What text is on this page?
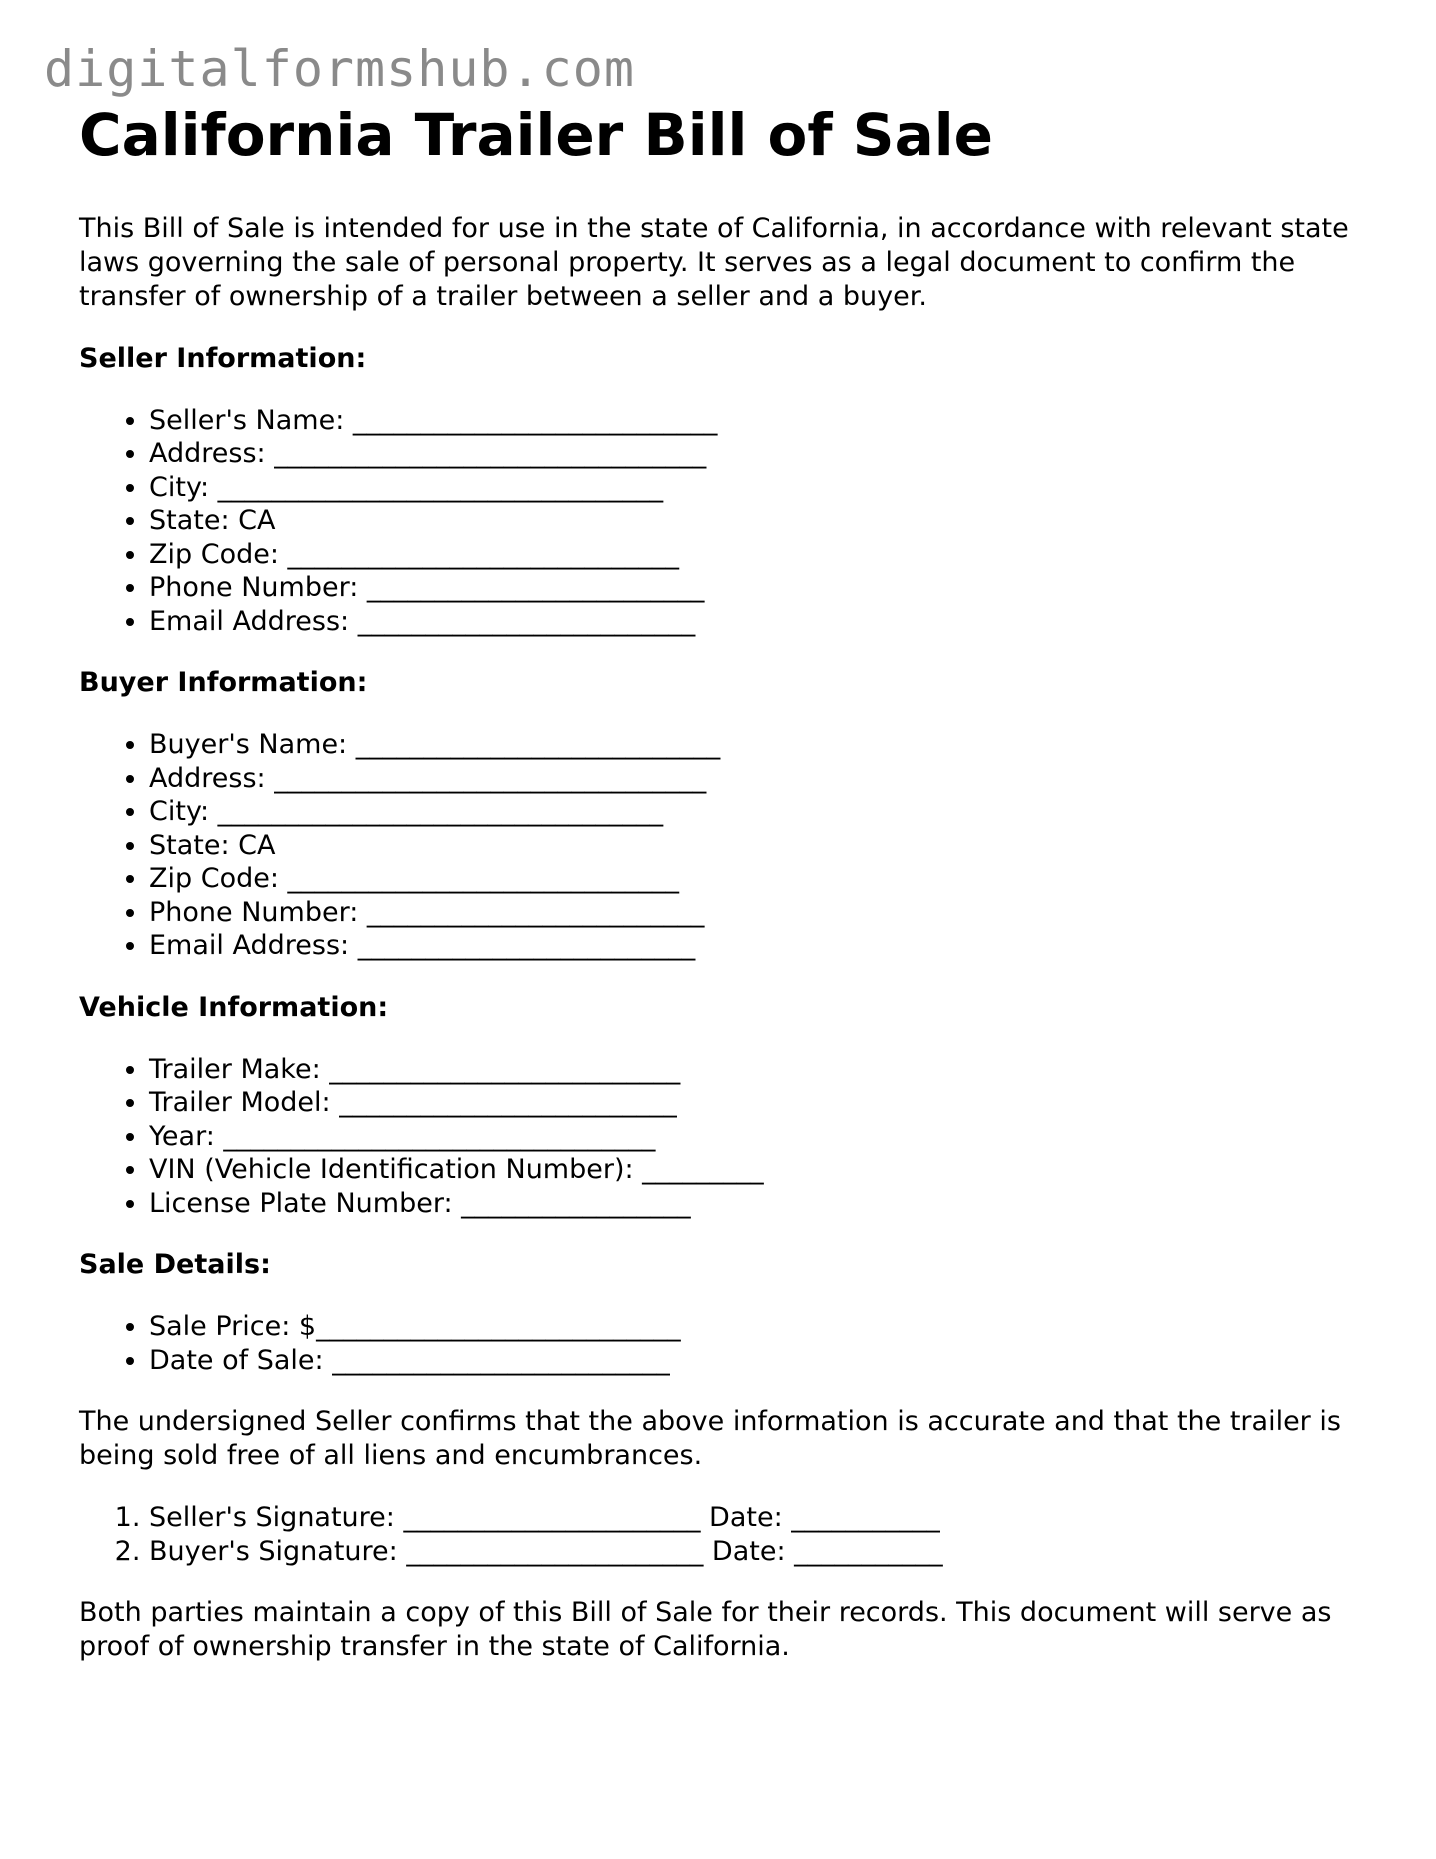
digitalformshub.com
California Trailer Bill of Sale

This Bill of Sale is intended for use in the state of California, in accordance with relevant state laws governing the sale of personal property. It serves as a legal document to confirm the transfer of ownership of a trailer between a seller and a buyer.

Seller Information:
• Seller's Name: ___________________________
• Address: ________________________________
• City: _________________________________
• State: CA
• Zip Code: _____________________________
• Phone Number: _________________________
• Email Address: _________________________
Buyer Information:
• Buyer's Name: ___________________________
• Address: ________________________________
• City: _________________________________
• State: CA
• Zip Code: _____________________________
• Phone Number: _________________________
• Email Address: _________________________
Vehicle Information:
• Trailer Make: __________________________
• Trailer Model: _________________________
• Year: ________________________________
• VIN (Vehicle Identification Number): _________
• License Plate Number: _________________
Sale Details:
• Sale Price: $___________________________
• Date of Sale: _________________________

The undersigned Seller confirms that the above information is accurate and that the trailer is being sold free of all liens and encumbrances.

1. Seller's Signature: ______________________ Date: ___________
2. Buyer's Signature: ______________________ Date: ___________

Both parties maintain a copy of this Bill of Sale for their records. This document will serve as proof of ownership transfer in the state of California.
